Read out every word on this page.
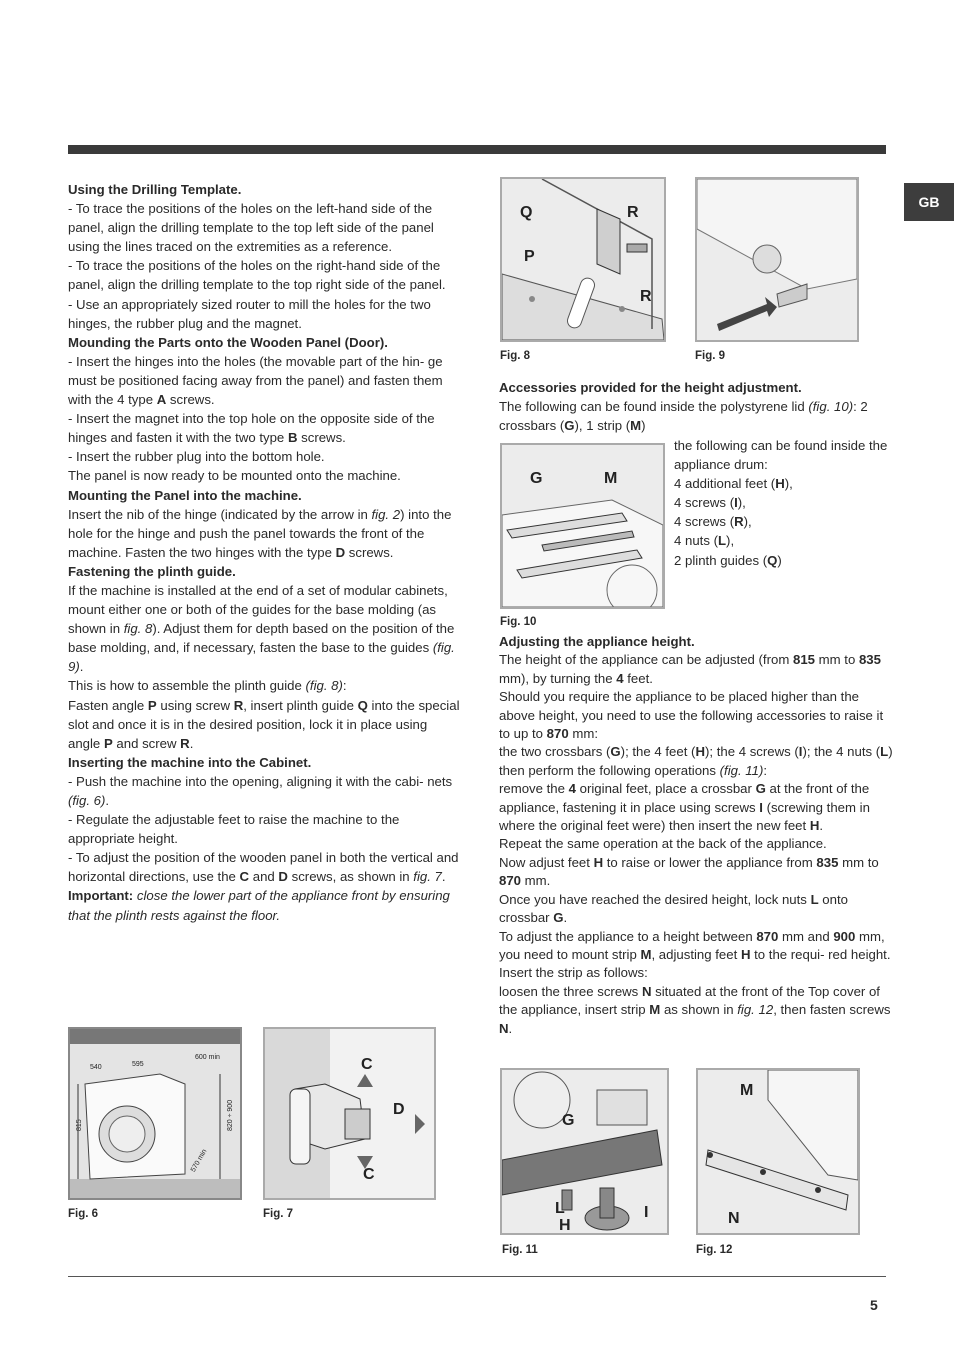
GB
Using the Drilling Template.

- To trace the positions of the holes on the left-hand side of the panel, align the drilling template to the top left side of the panel using the lines traced on the extremities as a reference.

- To trace the positions of the holes on the right-hand side of the panel, align the drilling template to the top right side of the panel.

- Use an appropriately sized router to mill the holes for the two hinges, the rubber plug and the magnet.

Mounding the Parts onto the Wooden Panel (Door).

- Insert the hinges into the holes (the movable part of the hin- ge must be positioned facing away from the panel) and fasten them with the 4 type A screws.

- Insert the magnet into the top hole on the opposite side of the hinges and fasten it with the two type B screws.

- Insert the rubber plug into the bottom hole.

The panel is now ready to be mounted onto the machine.

Mounting the Panel into the machine.

Insert the nib of the hinge (indicated by the arrow in fig. 2) into the hole for the hinge and push the panel towards the front of the machine. Fasten the two hinges with the type D screws.

Fastening the plinth guide.

If the machine is installed at the end of a set of modular cabinets, mount either one or both of the guides for the base molding (as shown in fig. 8). Adjust them for depth based on the position of the base molding, and, if necessary, fasten the base to the guides (fig. 9).

This is how to assemble the plinth guide (fig. 8):

Fasten angle P using screw R, insert plinth guide Q into the special slot and once it is in the desired position, lock it in place using angle P and screw R.

Inserting the machine into the Cabinet.

- Push the machine into the opening, aligning it with the cabi- nets (fig. 6).

- Regulate the adjustable feet to raise the machine to the appropriate height.

- To adjust the position of the wooden panel in both the vertical and horizontal directions, use the C and D screws, as shown in fig. 7.

Important: close the lower part of the appliance front by ensuring that the plinth rests against the floor.

Accessories provided for the height adjustment.

The following can be found inside the polystyrene lid (fig. 10): 2 crossbars (G), 1 strip (M)

the following can be found inside the appliance drum:

4 additional feet (H),

4 screws (I),

4 screws (R),

4 nuts (L),

2 plinth guides (Q)

Adjusting the appliance height.

The height of the appliance can be adjusted (from 815 mm to 835 mm), by turning the 4 feet.

Should you require the appliance to be placed higher than the above height, you need to use the following accessories to raise it to up to 870 mm:

the two crossbars (G); the 4 feet (H); the 4 screws (I); the 4 nuts (L) then perform the following operations (fig. 11):

remove the 4 original feet, place a crossbar G at the front of the appliance, fastening it in place using screws I (screwing them in where the original feet were) then insert the new feet H.

Repeat the same operation at the back of the appliance.

Now adjust feet H to raise or lower the appliance from 835 mm to 870 mm.

Once you have reached the desired height, lock nuts L onto crossbar G.

To adjust the appliance to a height between 870 mm and 900 mm, you need to mount strip M, adjusting feet H to the requi- red height.

Insert the strip as follows:

loosen the three screws N situated at the front of the Top cover of the appliance, insert strip M as shown in fig. 12, then fasten screws N.

Q	R
P
R
Fig. 8	Fig. 9
G	M
Fig. 10
540	595
600 min
815	820 ÷ 900
570 min
Fig. 6
C
D
C
Fig. 7
G
L
H
I
Fig. 11
M
N
Fig. 12
5
